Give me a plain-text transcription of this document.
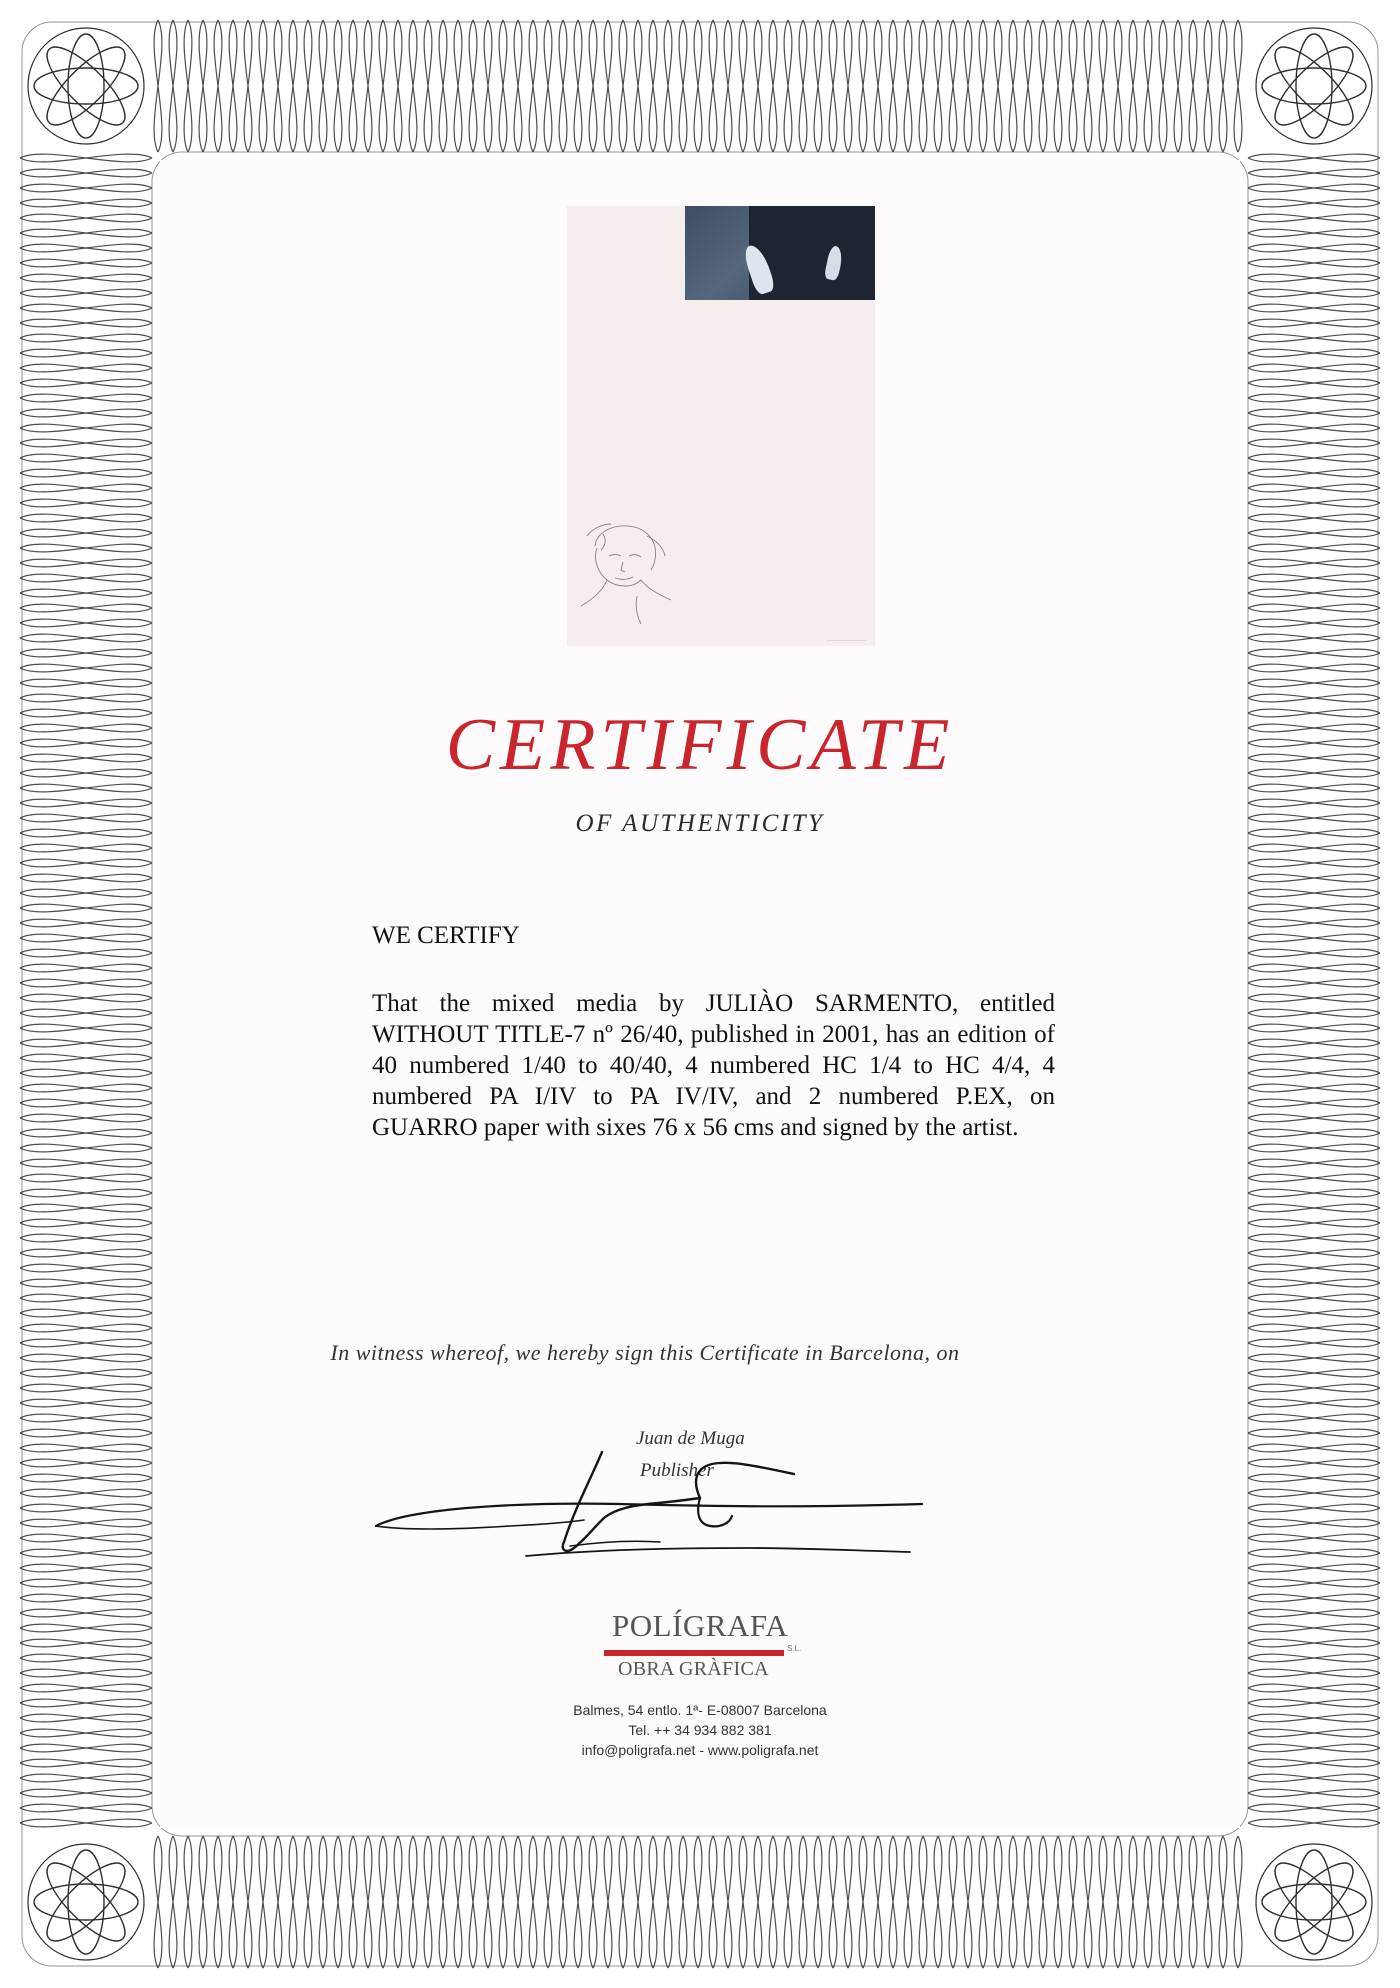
CERTIFICATE
OF AUTHENTICITY
WE CERTIFY
That the mixed media by JULIÀO SARMENTO, entitled WITHOUT TITLE-7 nº 26/40, published in 2001, has an edition of 40 numbered 1/40 to 40/40, 4 numbered HC 1/4 to HC 4/4, 4 numbered PA I/IV to PA IV/IV, and 2 numbered P.EX, on GUARRO paper with sixes 76 x 56 cms and signed by the artist.
In witness whereof, we hereby sign this Certificate in Barcelona, on
Juan de Muga
Publisher
POLÍGRAFA
S.L.
OBRA GRÀFICA
Balmes, 54 entlo. 1ª- E-08007 Barcelona
Tel. ++ 34 934 882 381
info@poligrafa.net - www.poligrafa.net
